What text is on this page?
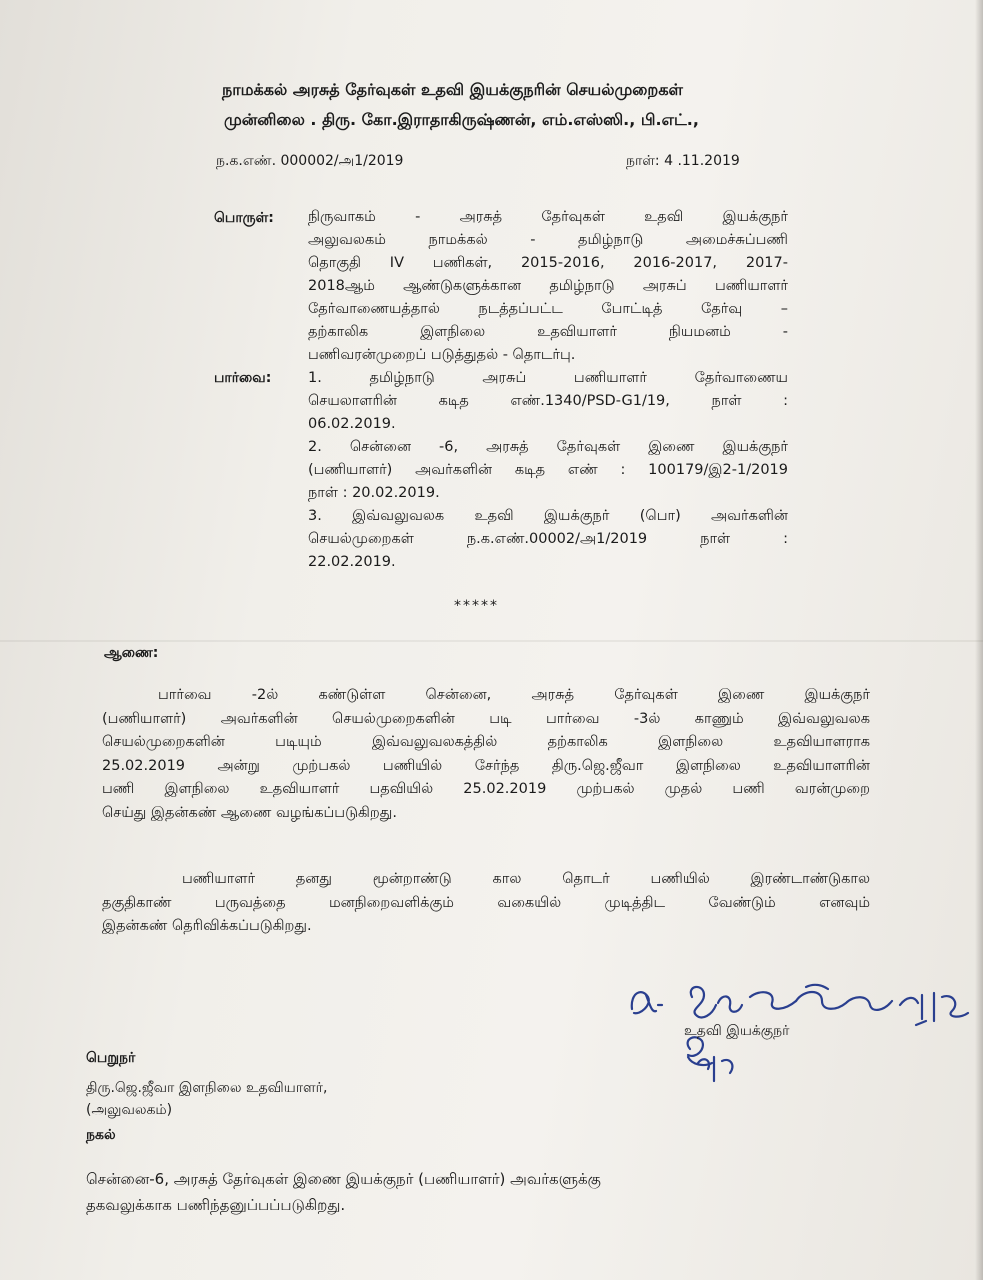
நாமக்கல் அரசுத் தேர்வுகள் உதவி இயக்குநரின் செயல்முறைகள்
முன்னிலை . திரு. கோ.இராதாகிருஷ்ணன், எம்.எஸ்ஸி., பி.எட்.,
ந.க.எண். 000002/அ1/2019	நாள்: 4 .11.2019
பொருள்: நிருவாகம் - அரசுத் தேர்வுகள் உதவி இயக்குநர்
அலுவலகம் நாமக்கல் - தமிழ்நாடு அமைச்சுப்பணி
தொகுதி IV பணிகள், 2015-2016, 2016-2017, 2017-
2018ஆம் ஆண்டுகளுக்கான தமிழ்நாடு அரசுப் பணியாளர்
தேர்வாணையத்தால் நடத்தப்பட்ட போட்டித் தேர்வு –
தற்காலிக இளநிலை உதவியாளர் நியமனம் -
பணிவரன்முறைப் படுத்துதல் - தொடர்பு.
பார்வை:	1. தமிழ்நாடு அரசுப் பணியாளர் தேர்வாணைய
செயலாளரின் கடித எண்.1340/PSD-G1/19, நாள் :
06.02.2019.
2. சென்னை -6, அரசுத் தேர்வுகள் இணை இயக்குநர்
(பணியாளர்) அவர்களின் கடித எண் : 100179/இ2-1/2019
நாள் : 20.02.2019.
3. இவ்வலுவலக உதவி இயக்குநர் (பொ) அவர்களின்
செயல்முறைகள் ந.க.எண்.00002/அ1/2019 நாள் :
22.02.2019.
*****
ஆணை:
பார்வை -2ல் கண்டுள்ள சென்னை, அரசுத் தேர்வுகள் இணை இயக்குநர்
(பணியாளர்) அவர்களின் செயல்முறைகளின் படி பார்வை -3ல் காணும் இவ்வலுவலக
செயல்முறைகளின் படியும் இவ்வலுவலகத்தில் தற்காலிக இளநிலை உதவியாளராக
25.02.2019 அன்று முற்பகல் பணியில் சேர்ந்த திரு.ஜெ.ஜீவா இளநிலை உதவியாளரின்
பணி இளநிலை உதவியாளர் பதவியில் 25.02.2019 முற்பகல் முதல் பணி வரன்முறை
செய்து இதன்கண் ஆணை வழங்கப்படுகிறது.
பணியாளர் தனது மூன்றாண்டு கால தொடர் பணியில் இரண்டாண்டுகால
தகுதிகாண் பருவத்தை மனநிறைவளிக்கும் வகையில் முடித்திட வேண்டும் எனவும்
இதன்கண் தெரிவிக்கப்படுகிறது.
உதவி இயக்குநர்
பெறுநர்
திரு.ஜெ.ஜீவா இளநிலை உதவியாளர்,
(அலுவலகம்)
நகல்
சென்னை-6, அரசுத் தேர்வுகள் இணை இயக்குநர் (பணியாளர்) அவர்களுக்கு
தகவலுக்காக பணிந்தனுப்பப்படுகிறது.
